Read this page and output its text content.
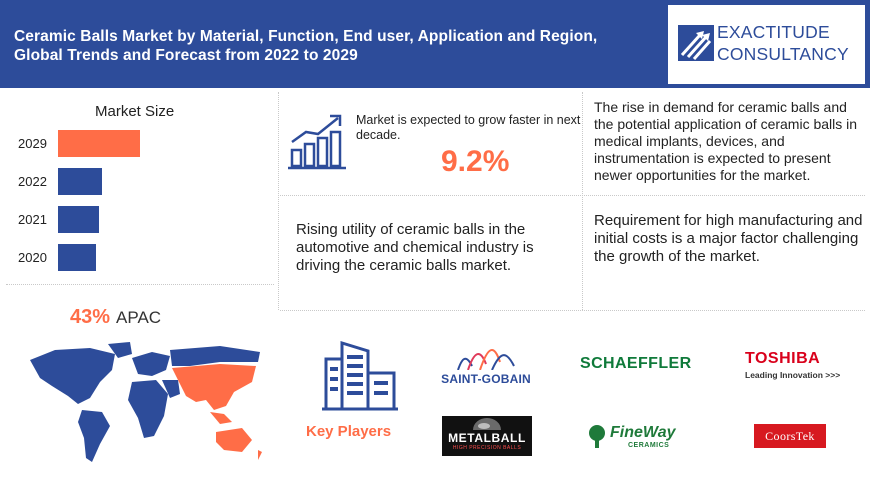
Ceramic Balls Market by Material, Function, End user, Application and Region,
Global Trends and Forecast from 2022 to 2029
EXACTITUDE
CONSULTANCY
Market Size
2029
2022
2021
2020
43% APAC
Market is expected to grow faster in next decade.
9.2%
The rise in demand for ceramic balls and the potential application of ceramic balls in medical implants, devices, and instrumentation is expected to present newer opportunities for the market.
Rising utility of ceramic balls in the automotive and chemical industry is driving the ceramic balls market.
Requirement for high manufacturing and initial costs is a major factor challenging the growth of the market.
Key Players
SAINT-GOBAIN
SCHAEFFLER	TOSHIBA
Leading Innovation >>>
METALBALL
HIGH PRECISION BALLS
FineWay
CERAMICS
CoorsTek
